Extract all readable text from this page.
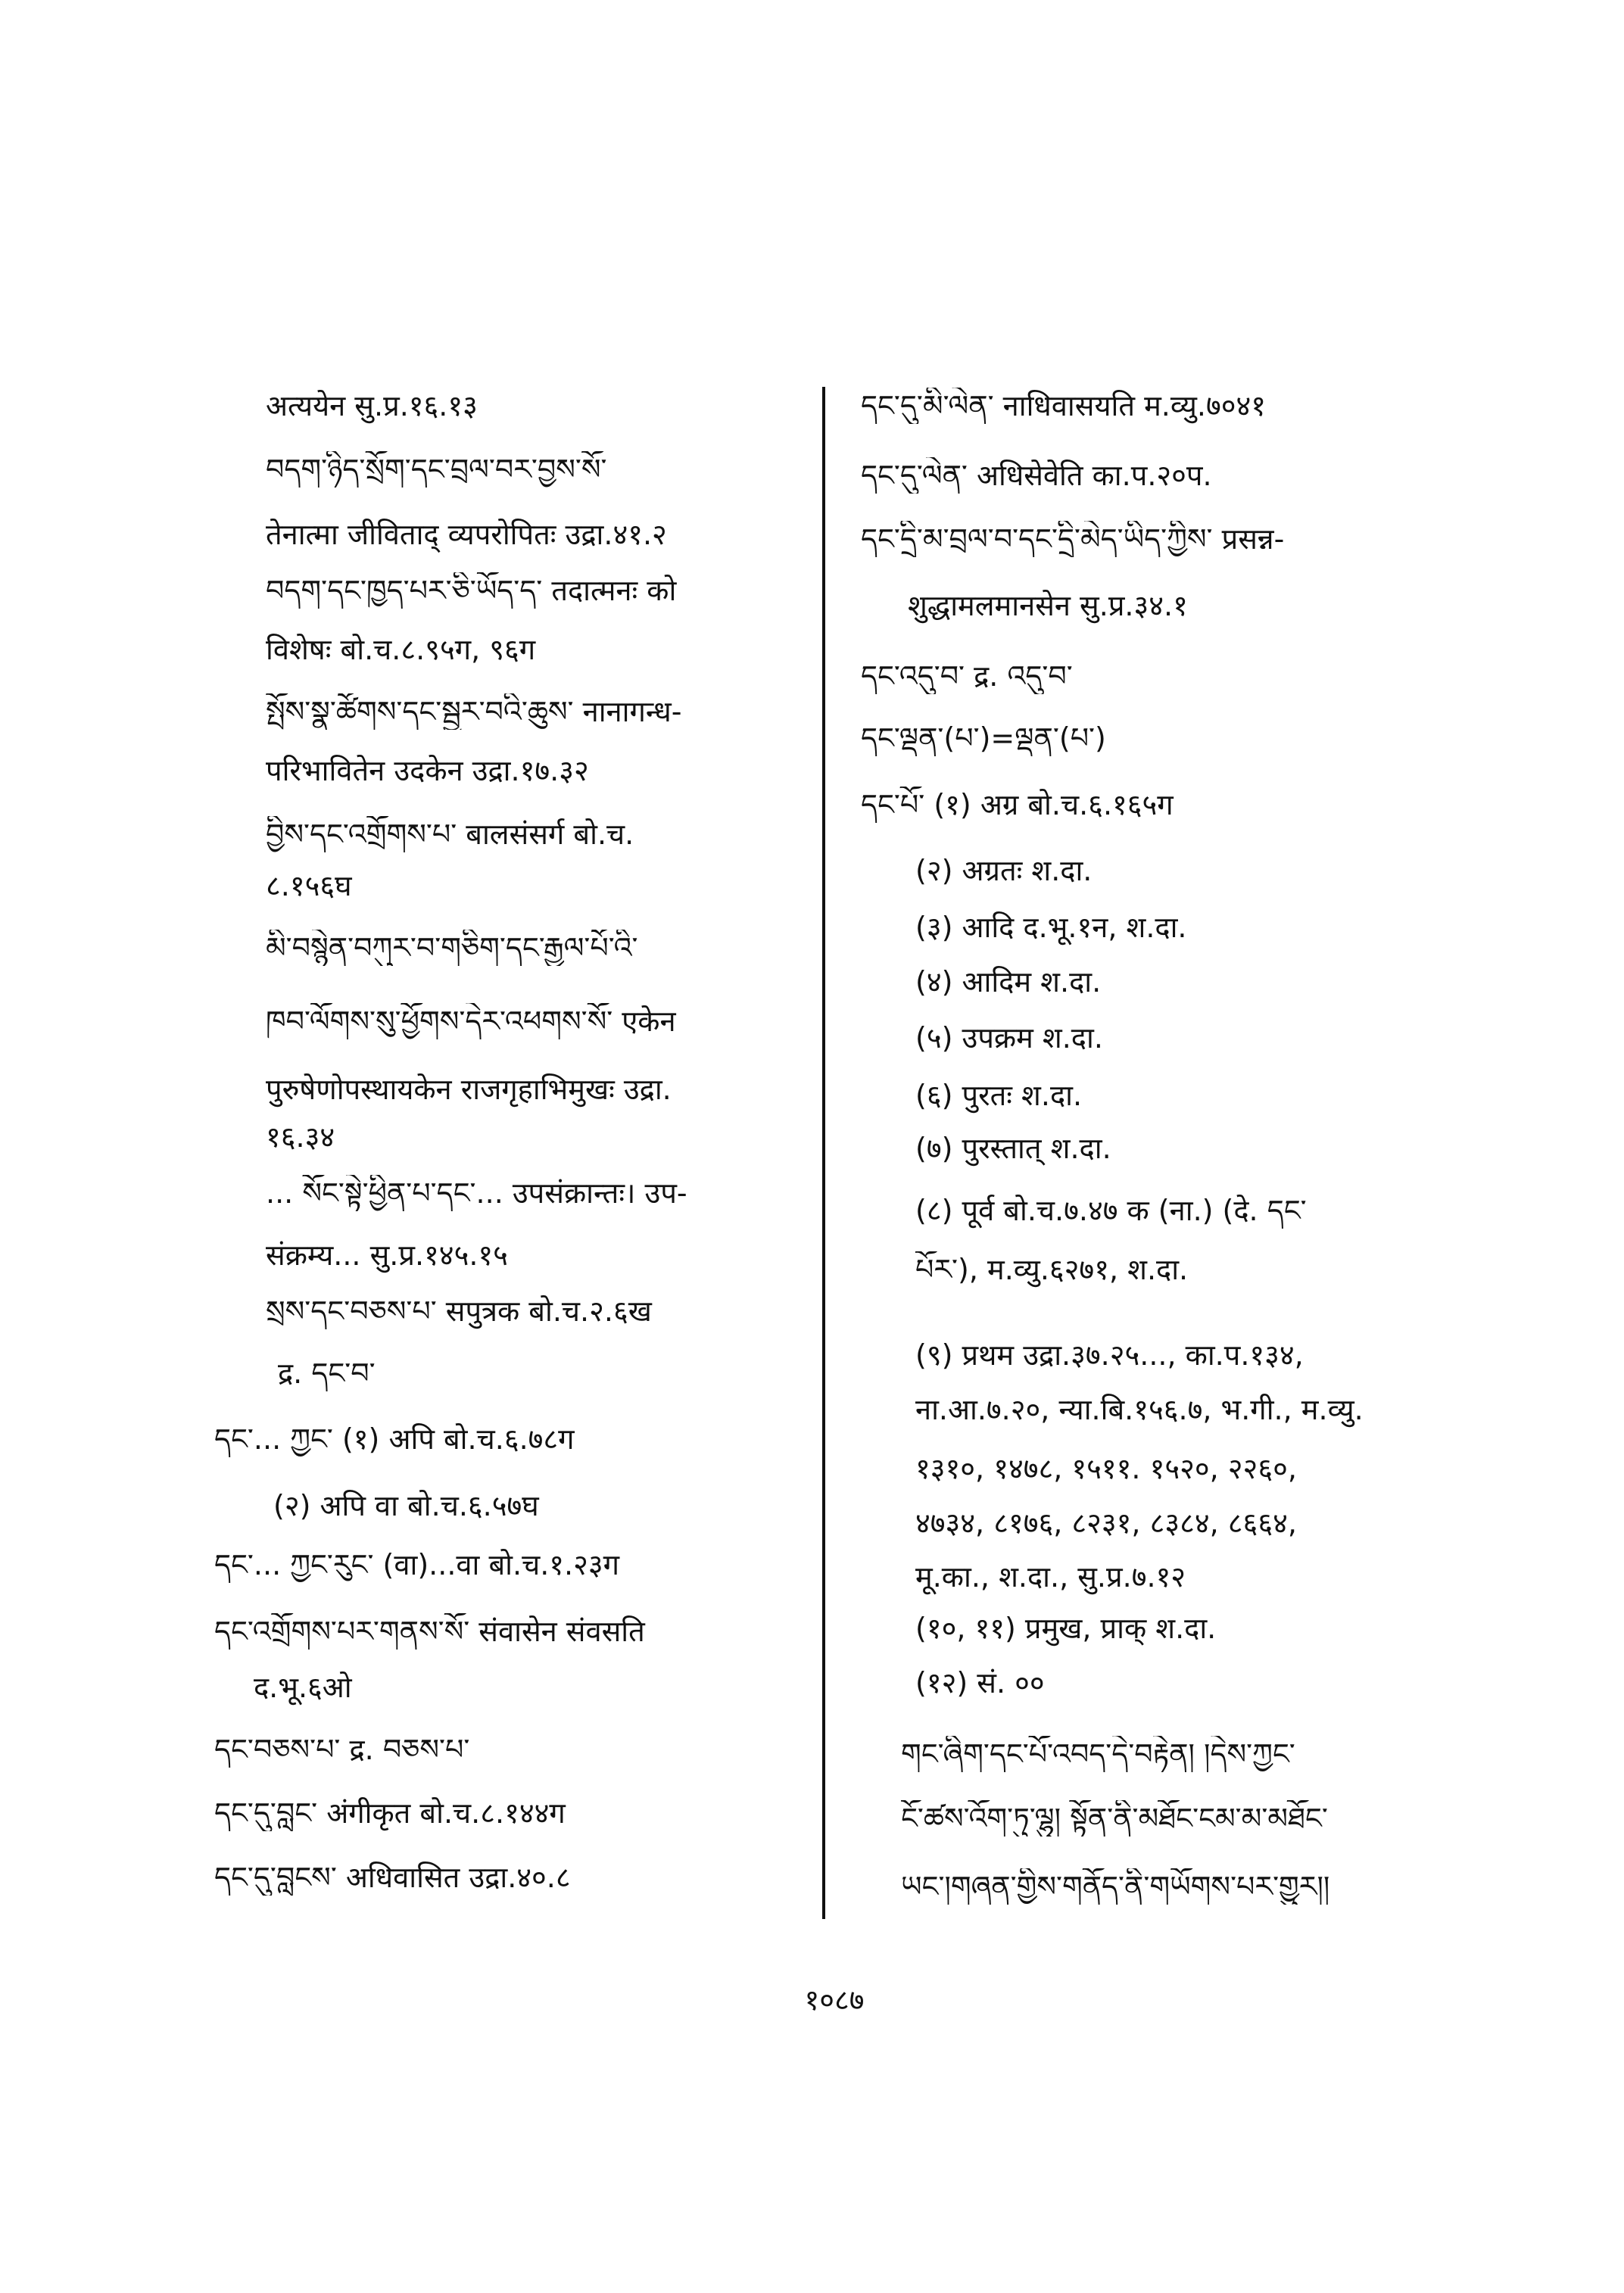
अत्ययेन सु.प्र.१६.१३
བདག་ཉིད་སྲོག་དང་བྲལ་བར་བྱས་སོ་
तेनात्मा जीविताद् व्यपरोपितः उद्रा.४१.२
བདག་དང་ཁྱད་པར་ཅི་ཡོད་ད་ तदात्मनः को
विशेषः बो.च.८.९५ग, ९६ग
སྤོས་སྣ་ཚོགས་དང་སྦྱར་བའི་ཆུས་ नानागन्ध-
परिभावितेन उदकेन उद्रा.१७.३२
བྱིས་དང་འགྲོགས་པ་ बालसंसर्ग बो.च.
८.१५६घ
མི་བསྙེན་བཀུར་བ་གཅིག་དང་རྒྱལ་པོ་འི་
ཁབ་ལོགས་སུ་ཕྱོགས་དེར་འཕགས་སོ་ एकेन
पुरुषेणोपस्थायकेन राजगृहाभिमुखः उद्रा.
१६.३४
... སོང་སྟེ་ཕྱིན་པ་དང་... उपसंक्रान्तः। उप-
संक्रम्य... सु.प्र.१४५.१५
སྲས་དང་བཅས་པ་ सपुत्रक बो.च.२.६ख
द्र. དང་བ་
དང་... ཀྱང་ (१) अपि बो.च.६.७८ग
(२) अपि वा बो.च.६.५७घ
དང་... ཀྱང་རུང་ (वा)...वा बो.च.१.२३ग
དང་འགྲོགས་པར་གནས་སོ་ संवासेन संवसति
द.भू.६ओ
དང་བཅས་པ་ द्र. བཅས་པ་
དང་དུ་བླང་ अंगीकृत बो.च.८.१४४ग
དང་དུ་བླངས་ अधिवासित उद्रा.४०.८
དང་དུ་མི་ལེན་ नाधिवासयति म.व्यु.७०४१
དང་དུ་ལེན་ अधिसेवेति का.प.२०प.
དང་དྲི་མ་བྲལ་བ་དང་དྲི་མེད་ཡིད་ཀྱིས་ प्रसन्न-
शुद्धामलमानसेन सु.प्र.३४.१
དང་འདུ་བ་ द्र. འདུ་བ་
དང་ལྡན་(པ་)=ལྡན་(པ་)
དང་པོ་ (१) अग्र बो.च.६.१६५ग
(२) अग्रतः श.दा.
(३) आदि द.भू.१न, श.दा.
(४) आदिम श.दा.
(५) उपक्रम श.दा.
(६) पुरतः श.दा.
(७) पुरस्तात् श.दा.
(८) पूर्व बो.च.७.४७ क (ना.) (दे. དང་
པོར་), म.व्यु.६२७१, श.दा.
(९) प्रथम उद्रा.३७.२५..., का.प.१३४,
ना.आ.७.२०, न्या.बि.१५६.७, भ.गी., म.व्यु.
१३१०, १४७८, १५११. १५२०, २२६०,
४७३४, ८१७६, ८२३१, ८३८४, ८६६४,
मू.का., श.दा., सु.प्र.७.१२
(१०, ११) प्रमुख, प्राक् श.दा.
(१२) सं. ००
གང་ཞིག་དང་པོ་འབད་དེ་བརྟེན། །དེས་ཀྱང་
ངོ་ཚས་འོག་ཏུ་ལྷུ། སྟོན་ནི་མཐོང་ངམ་མ་མཐོང་
ཡང་།གཞན་གྱིས་གནོད་ནི་གཡོགས་པར་གྱུར།།
१०८७
